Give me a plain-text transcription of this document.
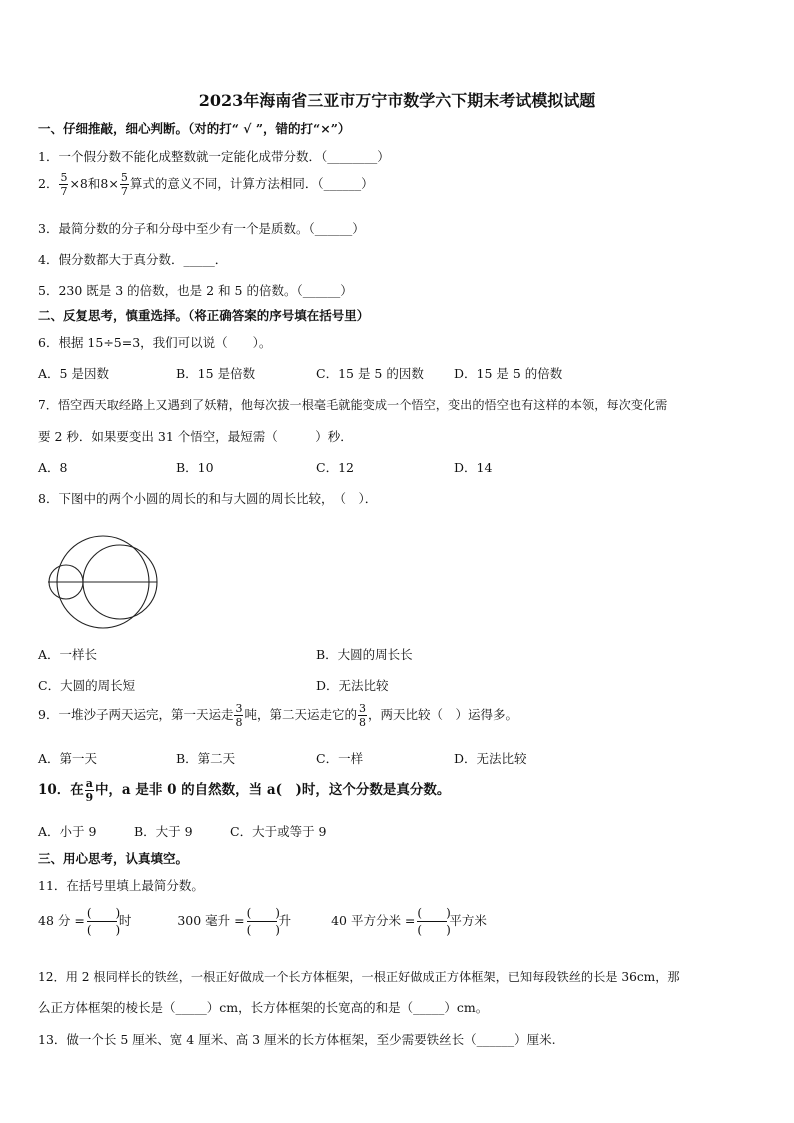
2023年海南省三亚市万宁市数学六下期末考试模拟试题
一、仔细推敲，细心判断。（对的打“ √ ”，错的打“×”）
1．一个假分数不能化成整数就一定能化成带分数．（________）
2． $\frac{5}{7} \times 8$和$8\times \frac{5}{7}$ 算式的意义不同，计算方法相同．（______）
3．最简分数的分子和分母中至少有一个是质数。（______）
4．假分数都大于真分数．_____．
5．230 既是 3 的倍数，也是 2 和 5 的倍数。（______）
二、反复思考，慎重选择。（将正确答案的序号填在括号里）
6．根据 15÷5=3，我们可以说（　　）。
A．5 是因数	B．15 是倍数	C．15 是 5 的因数 D．15 是 5 的倍数
7．悟空西天取经路上又遇到了妖精，他每次拔一根毫毛就能变成一个悟空，变出的悟空也有这样的本领，每次变化需
要 2 秒．如果要变出 31 个悟空，最短需（　　　）秒．
A．8	B．10	C．12	D．14
8．下图中的两个小圆的周长的和与大圆的周长比较，　（　）．
A．一样长	B．大圆的周长长
C．大圆的周长短	D．无法比较
9．一堆沙子两天运完，第一天运走 $\frac{3}{8}$ 吨，第二天运走它的 $\frac{3}{8}$ ，两天比较（　）运得多。
A．第一天	B．第二天	C．一样	D．无法比较
10．在 $\frac{a}{9}$ 中，a 是非 0 的自然数，当 a(　)时，这个分数是真分数。
A．小于 9	B．大于 9	C．大于或等于 9
三、用心思考，认真填空。
11．在括号里填上最简分数。
48 分 = $\frac{( )}{( )}$ 时	300 毫升 = $\frac{( )}{( )}$ 升	40 平方分米 = $\frac{( )}{( )}$ 平方米
12．用 2 根同样长的铁丝，一根正好做成一个长方体框架，一根正好做成正方体框架，已知每段铁丝的长是 36cm，那
么正方体框架的棱长是（_____）cm，长方体框架的长宽高的和是（_____）cm。
13．做一个长 5 厘米、宽 4 厘米、高 3 厘米的长方体框架，至少需要铁丝长（______）厘米.
